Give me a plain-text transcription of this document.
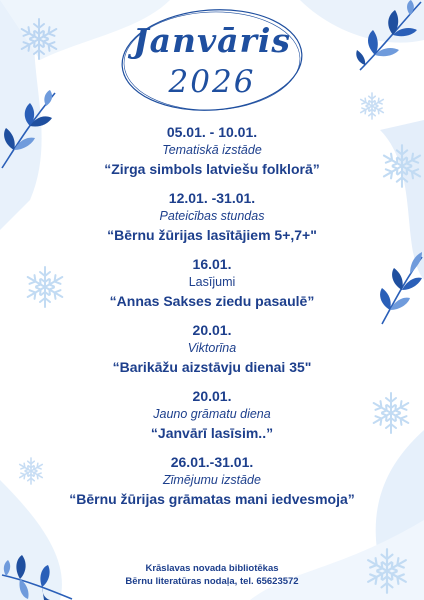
Janvāris
2026
05.01. - 10.01.
Tematiskā izstāde
“Zirga simbols latviešu folklorā”
12.01. -31.01.
Pateicības stundas
“Bērnu žūrijas lasītājiem 5+,7+"
16.01.
Lasījumi
“Annas Sakses ziedu pasaulē”
20.01.
Viktorīna
“Barikāžu aizstāvju dienai 35"
20.01.
Jauno grāmatu diena
“Janvārī lasīsim..”
26.01.-31.01.
Zīmējumu izstāde
“Bērnu žūrijas grāmatas mani iedvesmoja”
Krāslavas novada bibliotēkas
Bērnu literatūras nodaļa, tel. 65623572
